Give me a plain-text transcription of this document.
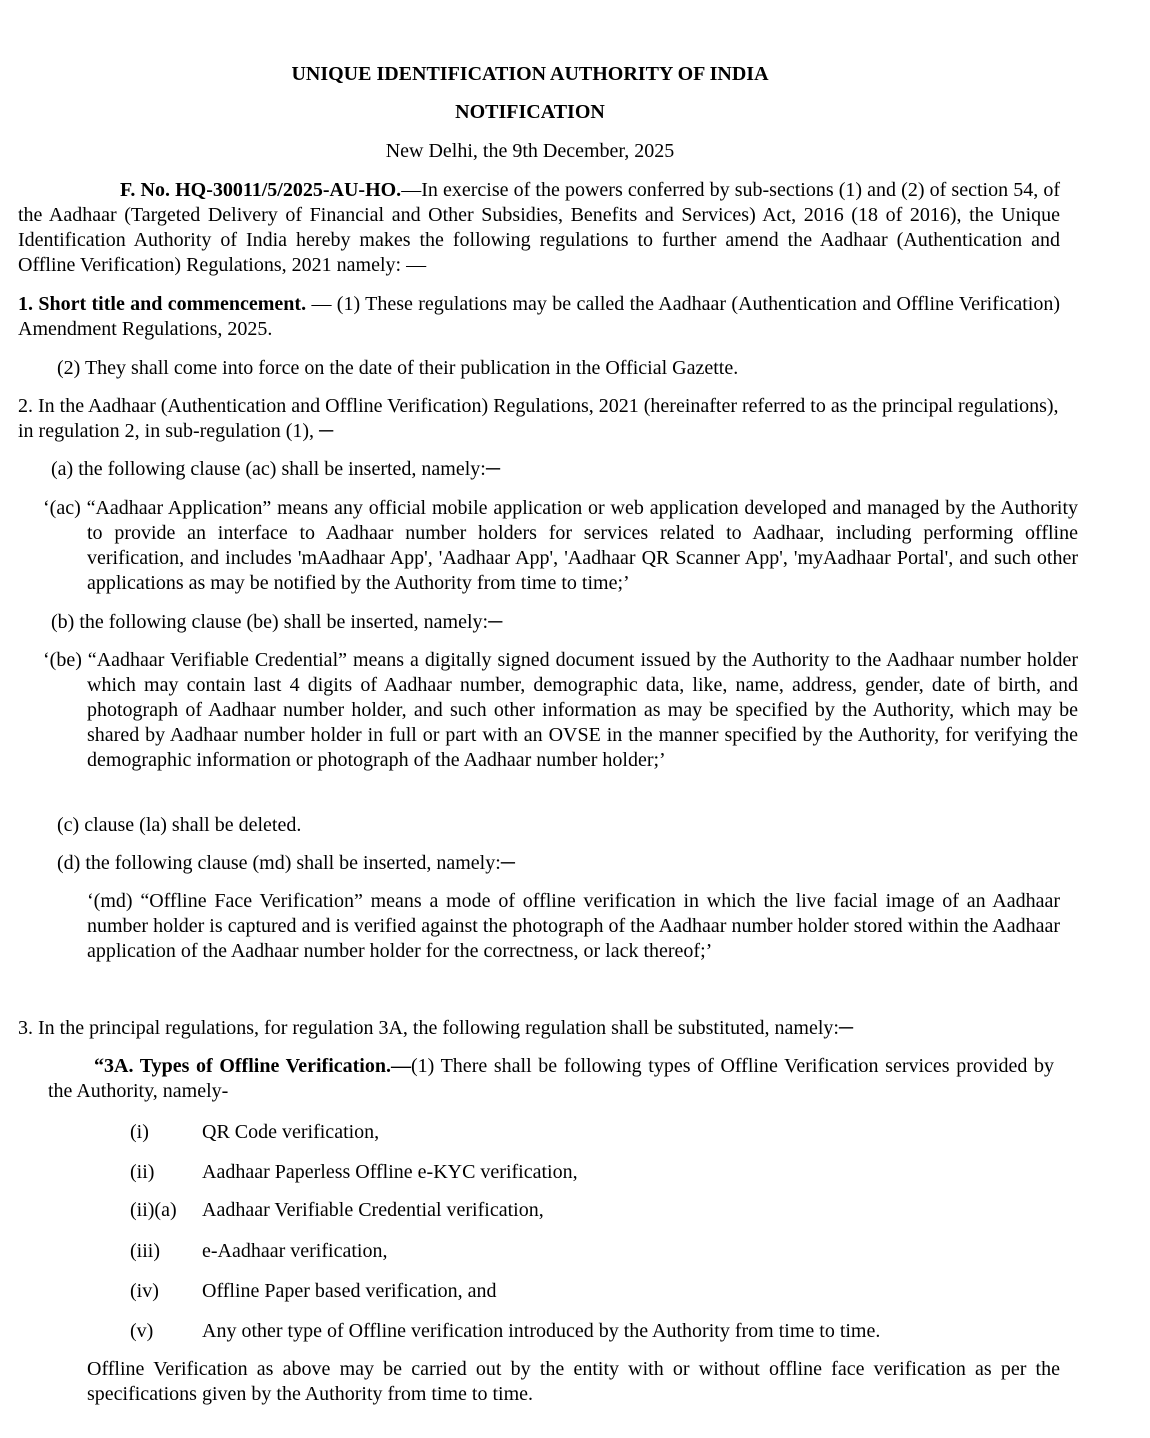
UNIQUE IDENTIFICATION AUTHORITY OF INDIA
NOTIFICATION
New Delhi, the 9th December, 2025
F. No. HQ-30011/5/2025-AU-HO.—In exercise of the powers conferred by sub-sections (1) and (2) of section 54, of the Aadhaar (Targeted Delivery of Financial and Other Subsidies, Benefits and Services) Act, 2016 (18 of 2016), the Unique Identification Authority of India hereby makes the following regulations to further amend the Aadhaar (Authentication and Offline Verification) Regulations, 2021 namely: —
1. Short title and commencement. — (1) These regulations may be called the Aadhaar (Authentication and Offline Verification) Amendment Regulations, 2025.
(2) They shall come into force on the date of their publication in the Official Gazette.
2. In the Aadhaar (Authentication and Offline Verification) Regulations, 2021 (hereinafter referred to as the principal regulations), in regulation 2, in sub-regulation (1), ─
(a) the following clause (ac) shall be inserted, namely:─
‘(ac) “Aadhaar Application” means any official mobile application or web application developed and managed by the Authority to provide an interface to Aadhaar number holders for services related to Aadhaar, including performing offline verification, and includes 'mAadhaar App', 'Aadhaar App', 'Aadhaar QR Scanner App', 'myAadhaar Portal', and such other applications as may be notified by the Authority from time to time;’
(b) the following clause (be) shall be inserted, namely:─
‘(be) “Aadhaar Verifiable Credential” means a digitally signed document issued by the Authority to the Aadhaar number holder which may contain last 4 digits of Aadhaar number, demographic data, like, name, address, gender, date of birth, and photograph of Aadhaar number holder, and such other information as may be specified by the Authority, which may be shared by Aadhaar number holder in full or part with an OVSE in the manner specified by the Authority, for verifying the demographic information or photograph of the Aadhaar number holder;’
(c) clause (la) shall be deleted.
(d) the following clause (md) shall be inserted, namely:─
‘(md) “Offline Face Verification” means a mode of offline verification in which the live facial image of an Aadhaar number holder is captured and is verified against the photograph of the Aadhaar number holder stored within the Aadhaar application of the Aadhaar number holder for the correctness, or lack thereof;’
3. In the principal regulations, for regulation 3A, the following regulation shall be substituted, namely:─
“3A. Types of Offline Verification.—(1) There shall be following types of Offline Verification services provided by the Authority, namely-
(i)	QR Code verification,
(ii) Aadhaar Paperless Offline e-KYC verification,
(ii)(a) Aadhaar Verifiable Credential verification,
(iii) e-Aadhaar verification,
(iv) Offline Paper based verification, and
(v) Any other type of Offline verification introduced by the Authority from time to time.
Offline Verification as above may be carried out by the entity with or without offline face verification as per the specifications given by the Authority from time to time.
